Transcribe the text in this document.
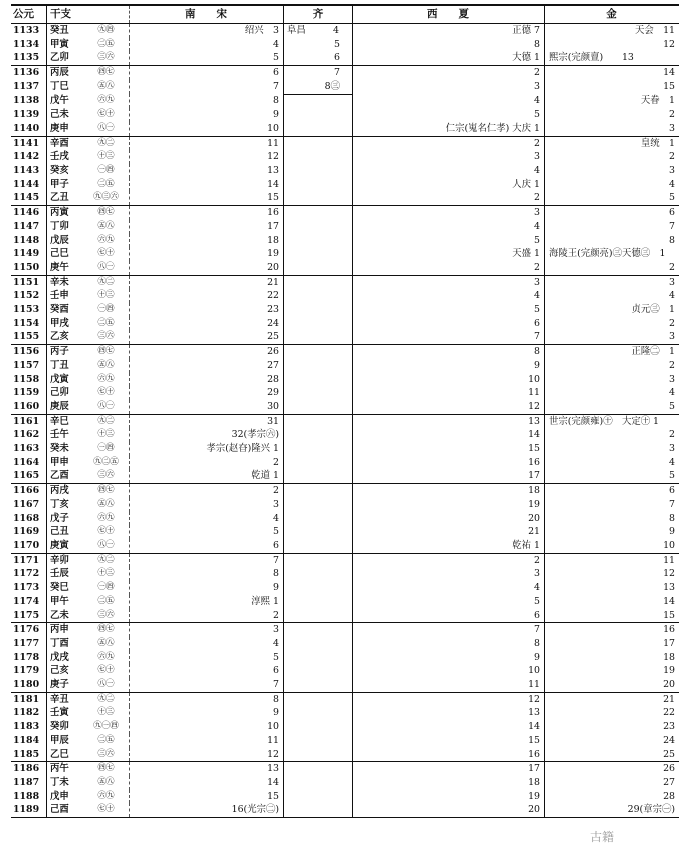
公元	干支		南　　宋	齐	西　　夏	金
1133	癸丑	㊈㊃	绍兴　3	阜昌 4	正德 7	天会　11
1134	甲寅	㊁㊄	4	5	8	12
1135	乙卯	㊂㊅	5	6	大德 1	熙宗(完颜亶)　　13
1136	丙辰	㊃㊆	6	7	2	14
1137	丁巳	㊄㊇	7	8㊂	3	15
1138	戊午	㊅㊈	8		4	天眷　1
1139	己未	㊆㊉	9		5	2
1140	庚申	㊇㊀	10		仁宗(嵬名仁孝) 大庆 1	3
1141	辛酉	㊈㊁	11		2	皇统　1
1142	壬戌	㊉㊂	12		3	2
1143	癸亥	㊀㊃	13		4	3
1144	甲子	㊁㊄	14		人庆 1	4
1145	乙丑	㊈㊂㊅	15		2	5
1146	丙寅	㊃㊆	16		3	6
1147	丁卯	㊄㊇	17		4	7
1148	戊辰	㊅㊈	18		5	8
1149	己巳	㊆㊉	19		天盛 1	海陵王(完颜亮)㊂天德㊂　1
1150	庚午	㊇㊀	20		2	2
1151	辛未	㊈㊁	21		3	3
1152	壬申	㊉㊂	22		4	4
1153	癸酉	㊀㊃	23		5	贞元㊂　1
1154	甲戌	㊁㊄	24		6	2
1155	乙亥	㊂㊅	25		7	3
1156	丙子	㊃㊆	26		8	正隆㊁　1
1157	丁丑	㊄㊇	27		9	2
1158	戊寅	㊅㊈	28		10	3
1159	己卯	㊆㊉	29		11	4
1160	庚辰	㊇㊀	30		12	5
1161	辛巳	㊈㊁	31		13	世宗(完颜雍)㊉　大定㊉ 1
1162	壬午	㊉㊂	32(孝宗㊅)		14	2
1163	癸未	㊀㊃	孝宗(赵昚)隆兴 1		15	3
1164	甲申	㊈㊁㊄	2		16	4
1165	乙酉	㊂㊅	乾道 1		17	5
1166	丙戌	㊃㊆	2		18	6
1167	丁亥	㊄㊇	3		19	7
1168	戊子	㊅㊈	4		20	8
1169	己丑	㊆㊉	5		21	9
1170	庚寅	㊇㊀	6		乾祐 1	10
1171	辛卯	㊈㊁	7		2	11
1172	壬辰	㊉㊂	8		3	12
1173	癸巳	㊀㊃	9		4	13
1174	甲午	㊁㊄	淳熙 1		5	14
1175	乙未	㊂㊅	2		6	15
1176	丙申	㊃㊆	3		7	16
1177	丁酉	㊄㊇	4		8	17
1178	戊戌	㊅㊈	5		9	18
1179	己亥	㊆㊉	6		10	19
1180	庚子	㊇㊀	7		11	20
1181	辛丑	㊈㊁	8		12	21
1182	壬寅	㊉㊂	9		13	22
1183	癸卯	㊈㊀㊃	10		14	23
1184	甲辰	㊁㊄	11		15	24
1185	乙巳	㊂㊅	12		16	25
1186	丙午	㊃㊆	13		17	26
1187	丁未	㊄㊇	14		18	27
1188	戊申	㊅㊈	15		19	28
1189	己酉	㊆㊉	16(光宗㊁)		20	29(章宗㊀)
古籍
